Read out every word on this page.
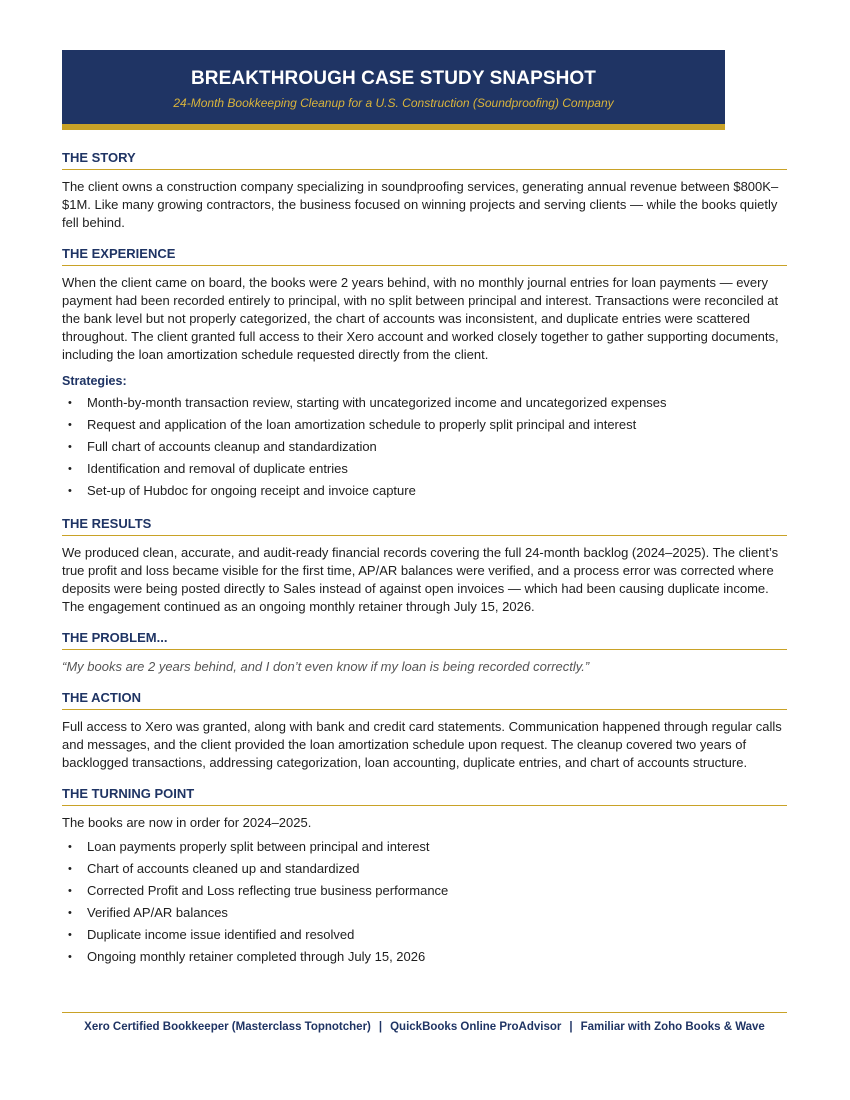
BREAKTHROUGH CASE STUDY SNAPSHOT
24-Month Bookkeeping Cleanup for a U.S. Construction (Soundproofing) Company
THE STORY

The client owns a construction company specializing in soundproofing services, generating annual revenue between $800K–$1M. Like many growing contractors, the business focused on winning projects and serving clients — while the books quietly fell behind.

THE EXPERIENCE

When the client came on board, the books were 2 years behind, with no monthly journal entries for loan payments — every payment had been recorded entirely to principal, with no split between principal and interest. Transactions were reconciled at the bank level but not properly categorized, the chart of accounts was inconsistent, and duplicate entries were scattered throughout. The client granted full access to their Xero account and worked closely together to gather supporting documents, including the loan amortization schedule requested directly from the client.

Strategies:
• Month-by-month transaction review, starting with uncategorized income and uncategorized expenses
• Request and application of the loan amortization schedule to properly split principal and interest
• Full chart of accounts cleanup and standardization
• Identification and removal of duplicate entries
• Set-up of Hubdoc for ongoing receipt and invoice capture
THE RESULTS

We produced clean, accurate, and audit-ready financial records covering the full 24-month backlog (2024–2025). The client’s true profit and loss became visible for the first time, AP/AR balances were verified, and a process error was corrected where deposits were being posted directly to Sales instead of against open invoices — which had been causing duplicate income. The engagement continued as an ongoing monthly retainer through July 15, 2026.

THE PROBLEM...

“My books are 2 years behind, and I don’t even know if my loan is being recorded correctly.”

THE ACTION

Full access to Xero was granted, along with bank and credit card statements. Communication happened through regular calls and messages, and the client provided the loan amortization schedule upon request. The cleanup covered two years of backlogged transactions, addressing categorization, loan accounting, duplicate entries, and chart of accounts structure.

THE TURNING POINT

The books are now in order for 2024–2025.

• Loan payments properly split between principal and interest
• Chart of accounts cleaned up and standardized
• Corrected Profit and Loss reflecting true business performance
• Verified AP/AR balances
• Duplicate income issue identified and resolved
• Ongoing monthly retainer completed through July 15, 2026
Xero Certified Bookkeeper (Masterclass Topnotcher) | QuickBooks Online ProAdvisor | Familiar with Zoho Books & Wave
